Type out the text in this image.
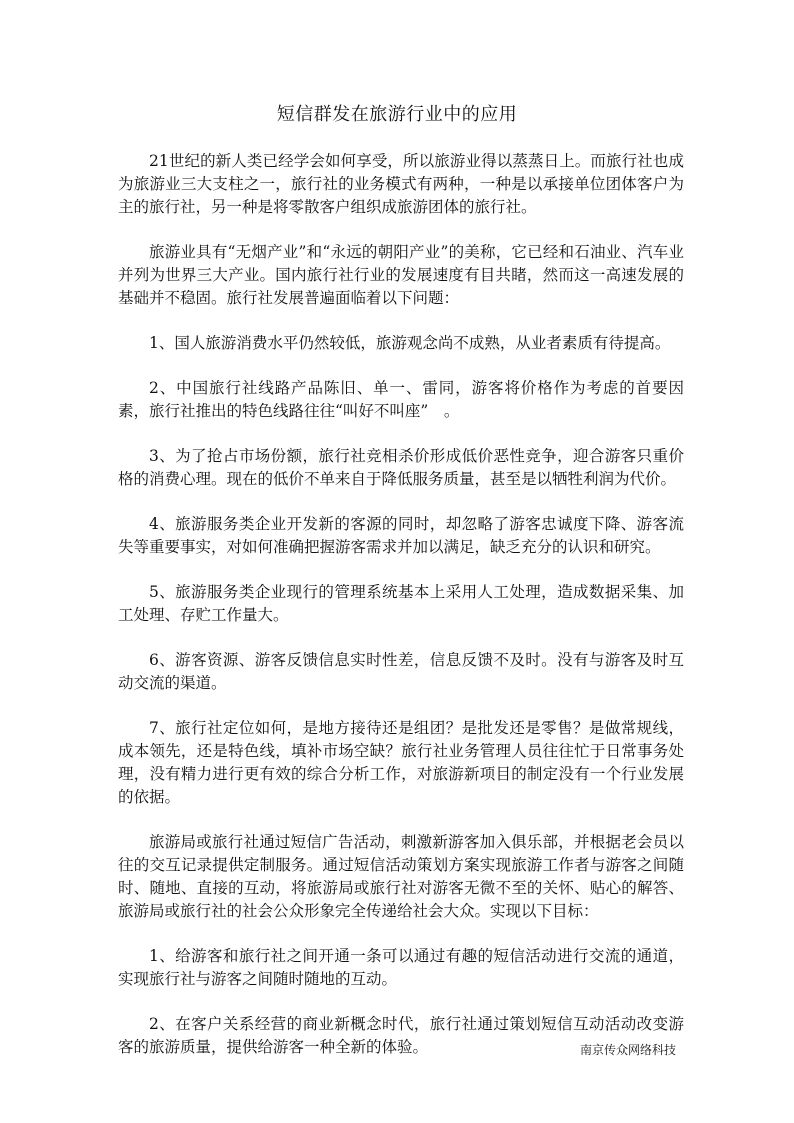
短信群发在旅游行业中的应用

21世纪的新人类已经学会如何享受，所以旅游业得以蒸蒸日上。而旅行社也成为旅游业三大支柱之一，旅行社的业务模式有两种，一种是以承接单位团体客户为主的旅行社，另一种是将零散客户组织成旅游团体的旅行社。

旅游业具有“无烟产业”和“永远的朝阳产业”的美称，它已经和石油业、汽车业并列为世界三大产业。国内旅行社行业的发展速度有目共睹，然而这一高速发展的基础并不稳固。旅行社发展普遍面临着以下问题：

1、国人旅游消费水平仍然较低，旅游观念尚不成熟，从业者素质有待提高。

2、中国旅行社线路产品陈旧、单一、雷同，游客将价格作为考虑的首要因素，旅行社推出的特色线路往往“叫好不叫座”　。

3、为了抢占市场份额，旅行社竞相杀价形成低价恶性竞争，迎合游客只重价格的消费心理。现在的低价不单来自于降低服务质量，甚至是以牺牲利润为代价。

4、旅游服务类企业开发新的客源的同时，却忽略了游客忠诚度下降、游客流失等重要事实，对如何准确把握游客需求并加以满足，缺乏充分的认识和研究。

5、旅游服务类企业现行的管理系统基本上采用人工处理，造成数据采集、加工处理、存贮工作量大。

6、游客资源、游客反馈信息实时性差，信息反馈不及时。没有与游客及时互动交流的渠道。

7、旅行社定位如何，是地方接待还是组团？是批发还是零售？是做常规线，成本领先，还是特色线，填补市场空缺？旅行社业务管理人员往往忙于日常事务处理，没有精力进行更有效的综合分析工作，对旅游新项目的制定没有一个行业发展的依据。

旅游局或旅行社通过短信广告活动，刺激新游客加入俱乐部，并根据老会员以往的交互记录提供定制服务。通过短信活动策划方案实现旅游工作者与游客之间随时、随地、直接的互动，将旅游局或旅行社对游客无微不至的关怀、贴心的解答、旅游局或旅行社的社会公众形象完全传递给社会大众。实现以下目标：

1、给游客和旅行社之间开通一条可以通过有趣的短信活动进行交流的通道，实现旅行社与游客之间随时随地的互动。

2、在客户关系经营的商业新概念时代，旅行社通过策划短信互动活动改变游客的旅游质量，提供给游客一种全新的体验。	南京传众网络科技
